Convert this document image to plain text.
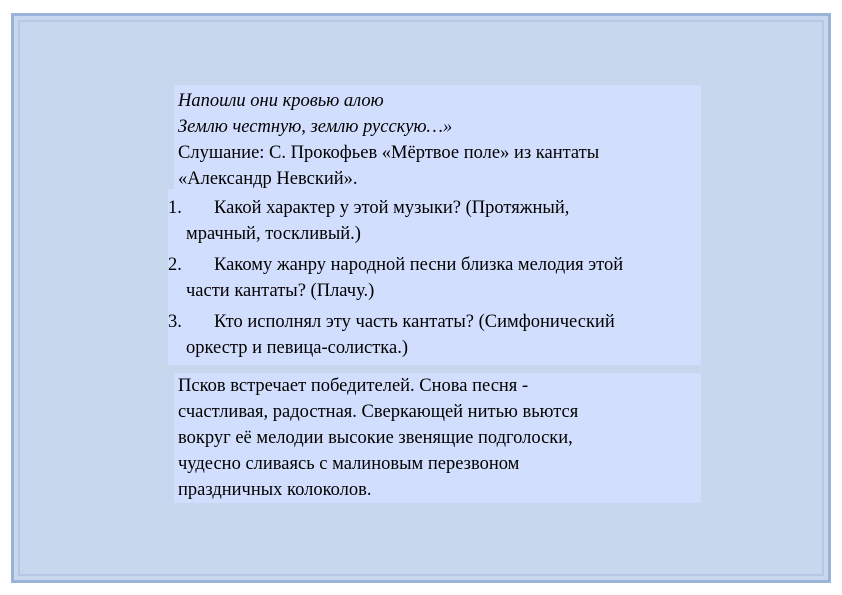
Напоили они кровью алою
Землю честную, землю русскую…»
Слушание: С. Прокофьев «Мёртвое поле» из кантаты
«Александр Невский».
1.	Какой характер у этой музыки? (Протяжный,
мрачный, тоскливый.)
2.	Какому жанру народной песни близка мелодия этой
части кантаты? (Плачу.)
3.	Кто исполнял эту часть кантаты? (Симфонический
оркестр и певица-солистка.)
Псков встречает победителей. Снова песня -
счастливая, радостная. Сверкающей нитью вьются
вокруг её мелодии высокие звенящие подголоски,
чудесно сливаясь с малиновым перезвоном
праздничных колоколов.
